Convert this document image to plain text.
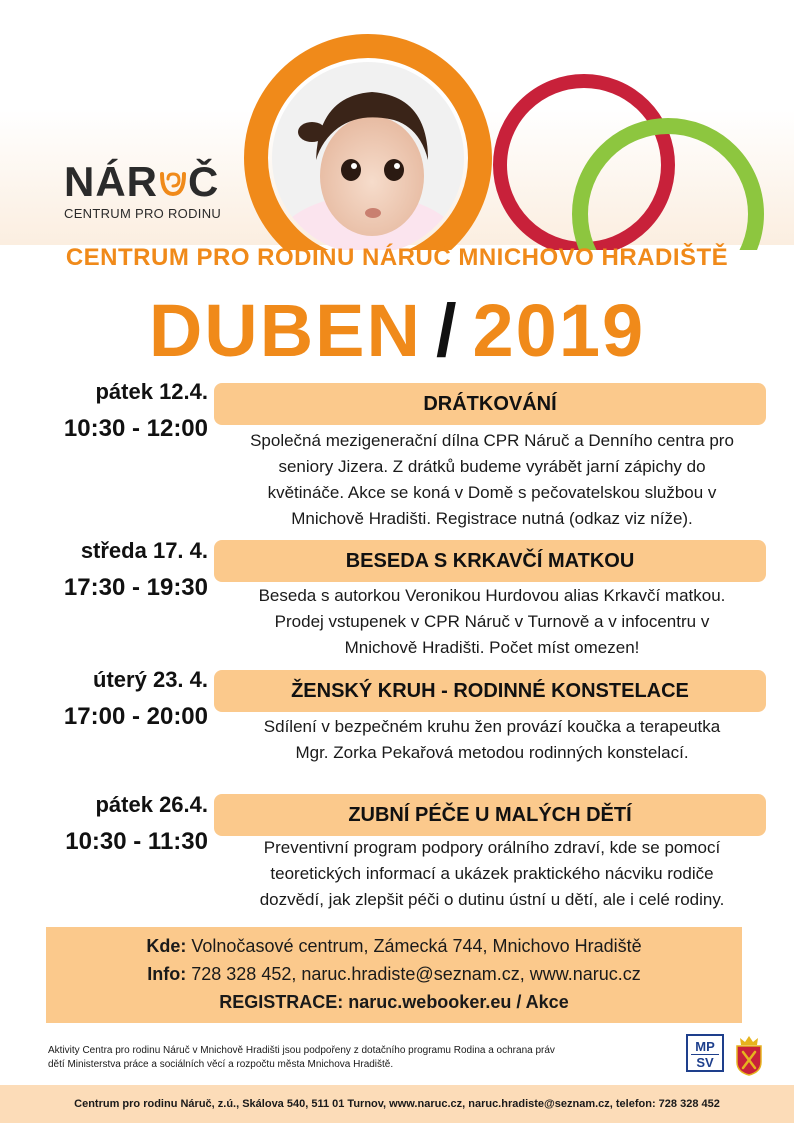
NÁR Č
CENTRUM PRO RODINU
CENTRUM PRO RODINU NÁRUČ MNICHOVO HRADIŠTĚ
DUBEN / 2019
pátek 12.4.
10:30 - 12:00
DRÁTKOVÁNÍ
Společná mezigenerační dílna CPR Náruč a Denního centra pro
seniory Jizera. Z drátků budeme vyrábět jarní zápichy do
květináče. Akce se koná v Domě s pečovatelskou službou v
Mnichově Hradišti. Registrace nutná (odkaz viz níže).
středa 17. 4.
17:30 - 19:30
BESEDA S KRKAVČÍ MATKOU
Beseda s autorkou Veronikou Hurdovou alias Krkavčí matkou.
Prodej vstupenek v CPR Náruč v Turnově a v infocentru v
Mnichově Hradišti. Počet míst omezen!
úterý 23. 4.
17:00 - 20:00
ŽENSKÝ KRUH - RODINNÉ KONSTELACE
Sdílení v bezpečném kruhu žen provází koučka a terapeutka
Mgr. Zorka Pekařová metodou rodinných konstelací.
pátek 26.4.
10:30 - 11:30
ZUBNÍ PÉČE U MALÝCH DĚTÍ
Preventivní program podpory orálního zdraví, kde se pomocí
teoretických informací a ukázek praktického nácviku rodiče
dozvědí, jak zlepšit péči o dutinu ústní u dětí, ale i celé rodiny.
Kde: Volnočasové centrum, Zámecká 744, Mnichovo Hradiště
Info: 728 328 452, naruc.hradiste@seznam.cz, www.naruc.cz
REGISTRACE: naruc.webooker.eu / Akce
Aktivity Centra pro rodinu Náruč v Mnichově Hradišti jsou podpořeny z dotačního programu Rodina a ochrana práv
dětí Ministerstva práce a sociálních věcí a rozpočtu města Mnichova Hradiště.
MP
SV
Centrum pro rodinu Náruč, z.ú., Skálova 540, 511 01 Turnov, www.naruc.cz, naruc.hradiste@seznam.cz, telefon: 728 328 452
